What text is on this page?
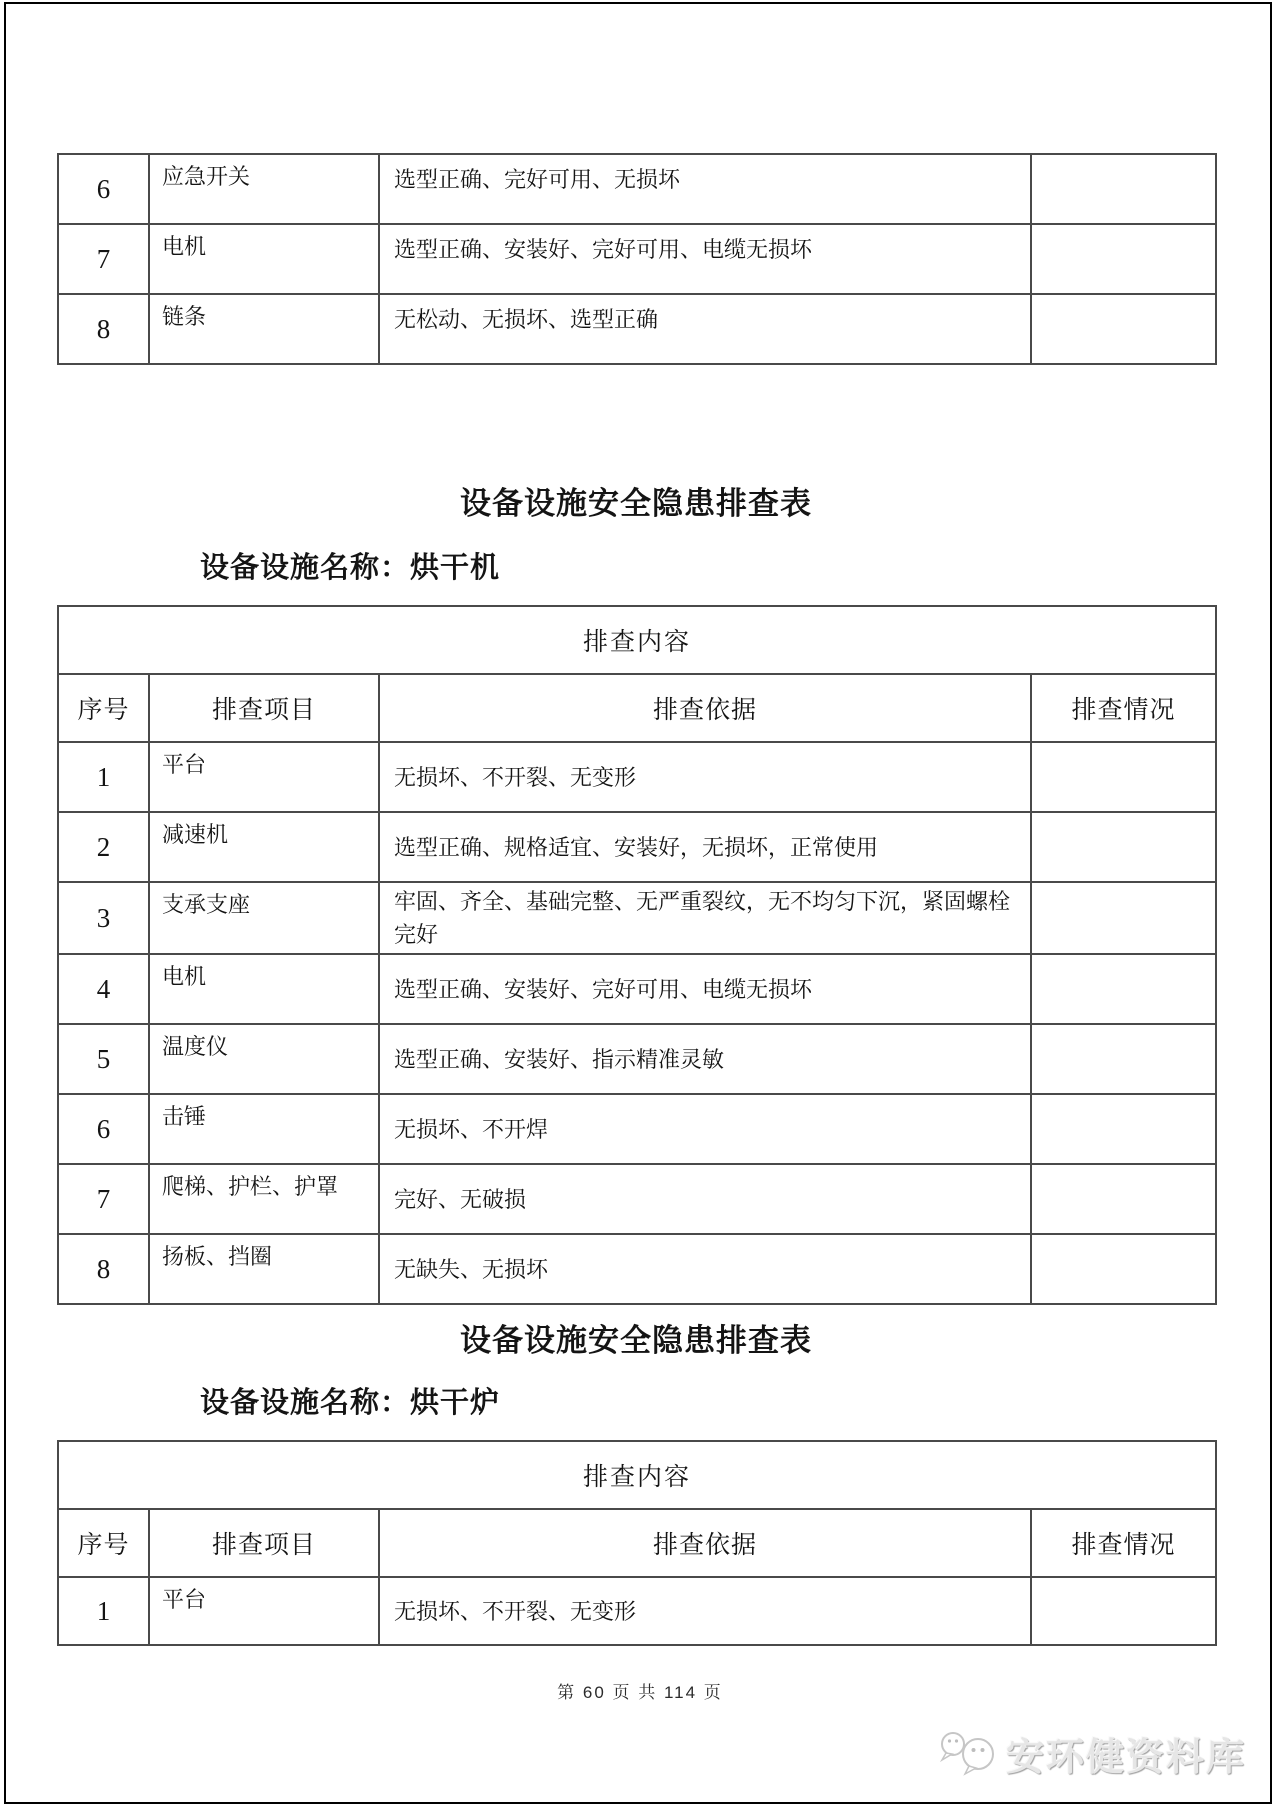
6	应急开关	选型正确、完好可用、无损坏	
7	电机	选型正确、安装好、完好可用、电缆无损坏	
8	链条	无松动、无损坏、选型正确	
设备设施安全隐患排查表
设备设施名称：烘干机
排查内容			
序号	排查项目	排查依据	排查情况
1	平台	无损坏、不开裂、无变形	
2	减速机	选型正确、规格适宜、安装好，无损坏，正常使用	
3	支承支座	牢固、齐全、基础完整、无严重裂纹，无不均匀下沉，紧固螺栓完好	
4	电机	选型正确、安装好、完好可用、电缆无损坏	
5	温度仪	选型正确、安装好、指示精准灵敏	
6	击锤	无损坏、不开焊	
7	爬梯、护栏、护罩	完好、无破损	
8	扬板、挡圈	无缺失、无损坏	
设备设施安全隐患排查表
设备设施名称：烘干炉
排查内容			
序号	排查项目	排查依据	排查情况
1	平台	无损坏、不开裂、无变形	
第 60 页 共 114 页
安环健资料库
